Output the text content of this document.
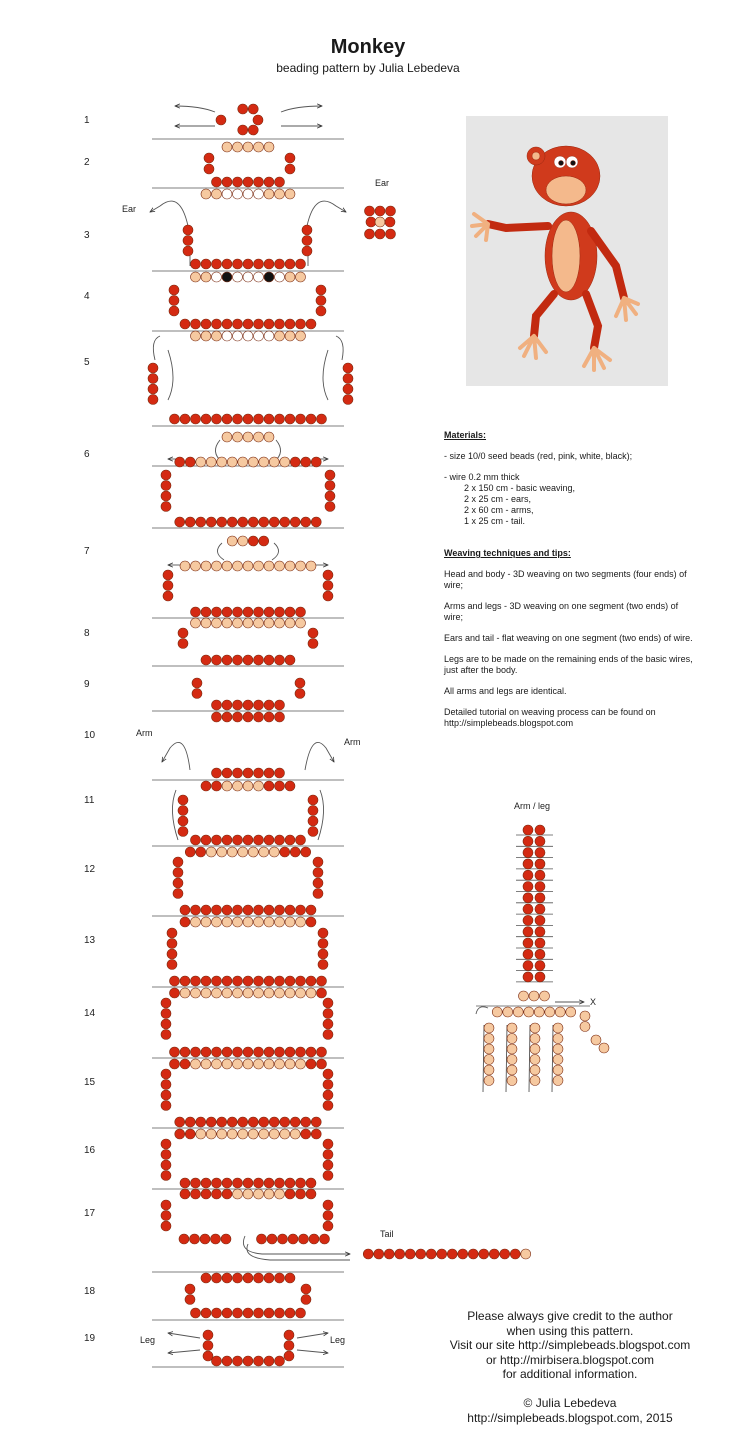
Monkey
beading pattern by Julia Lebedeva
1
2
3
4
5
6
7
8
9
10
11
12
13
14
15
16
17
18
19
Ear
Ear
Arm
Arm
Tail
Leg	Leg
Arm / leg
X
Materials:
- size 10/0 seed beads (red, pink, white, black);
- wire 0.2 mm thick
2 x 150 cm - basic weaving,
2 x 25 cm - ears,
2 x 60 cm - arms,
1 x 25 cm - tail.
Weaving techniques and tips:
Head and body - 3D weaving on two segments (four ends) of wire;
Arms and legs - 3D weaving on one segment (two ends) of wire;
Ears and tail - flat weaving on one segment (two ends) of wire.
Legs are to be made on the remaining ends of the basic wires, just after the body.
All arms and legs are identical.
Detailed tutorial on weaving process can be found on http://simplebeads.blogspot.com
Please always give credit to the author
when using this pattern.
Visit our site http://simplebeads.blogspot.com
or http://mirbisera.blogspot.com
for additional information.
© Julia Lebedeva
http://simplebeads.blogspot.com, 2015
